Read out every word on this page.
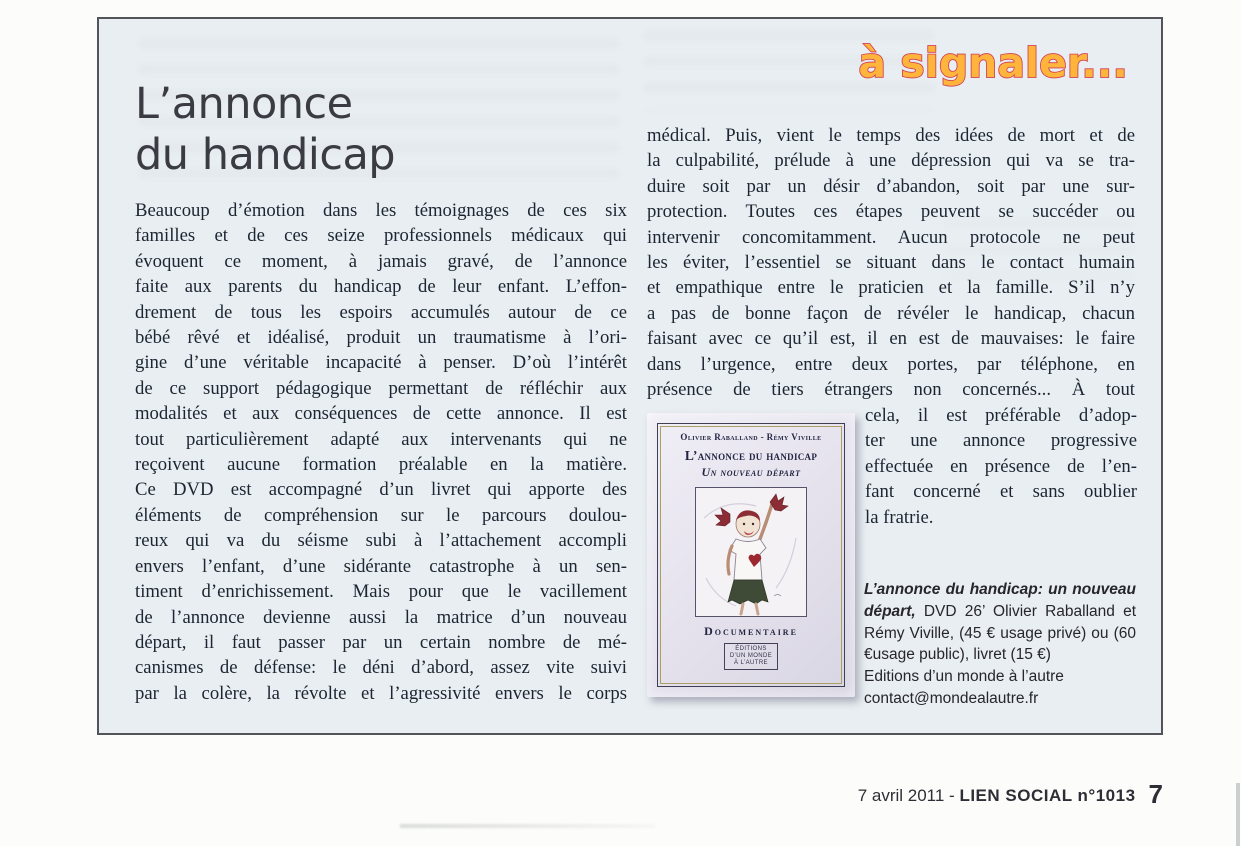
à signaler...
L’annonce
du handicap
Beaucoup d’émotion dans les témoignages de ces six
familles et de ces seize professionnels médicaux qui
évoquent ce moment, à jamais gravé, de l’annonce
faite aux parents du handicap de leur enfant. L’effon-
drement de tous les espoirs accumulés autour de ce
bébé rêvé et idéalisé, produit un traumatisme à l’ori-
gine d’une véritable incapacité à penser. D’où l’intérêt
de ce support pédagogique permettant de réfléchir aux
modalités et aux conséquences de cette annonce. Il est
tout particulièrement adapté aux intervenants qui ne
reçoivent aucune formation préalable en la matière.
Ce DVD est accompagné d’un livret qui apporte des
éléments de compréhension sur le parcours doulou-
reux qui va du séisme subi à l’attachement accompli
envers l’enfant, d’une sidérante catastrophe à un sen-
timent d’enrichissement. Mais pour que le vacillement
de l’annonce devienne aussi la matrice d’un nouveau
départ, il faut passer par un certain nombre de mé-
canismes de défense: le déni d’abord, assez vite suivi
par la colère, la révolte et l’agressivité envers le corps
médical. Puis, vient le temps des idées de mort et de
la culpabilité, prélude à une dépression qui va se tra-
duire soit par un désir d’abandon, soit par une sur-
protection. Toutes ces étapes peuvent se succéder ou
intervenir concomitamment. Aucun protocole ne peut
les éviter, l’essentiel se situant dans le contact humain
et empathique entre le praticien et la famille. S’il n’y
a pas de bonne façon de révéler le handicap, chacun
faisant avec ce qu’il est, il en est de mauvaises: le faire
dans l’urgence, entre deux portes, par téléphone, en
présence de tiers étrangers non concernés... À tout
cela, il est préférable d’adop-
ter une annonce progressive
effectuée en présence de l’en-
fant concerné et sans oublier
la fratrie.
Olivier Raballand - Rémy Viville
L’annonce du handicap
Un nouveau départ
Documentaire
ÉDITIONS
D’UN MONDE
À L’AUTRE
L’annonce du handicap: un nouveau départ, DVD 26’ Olivier Raballand et Rémy Viville, (45 € usage privé) ou (60 €usage public), livret (15 €)
Editions d’un monde à l’autre
contact@mondealautre.fr
7 avril 2011 - LIEN SOCIAL n°1013 7
